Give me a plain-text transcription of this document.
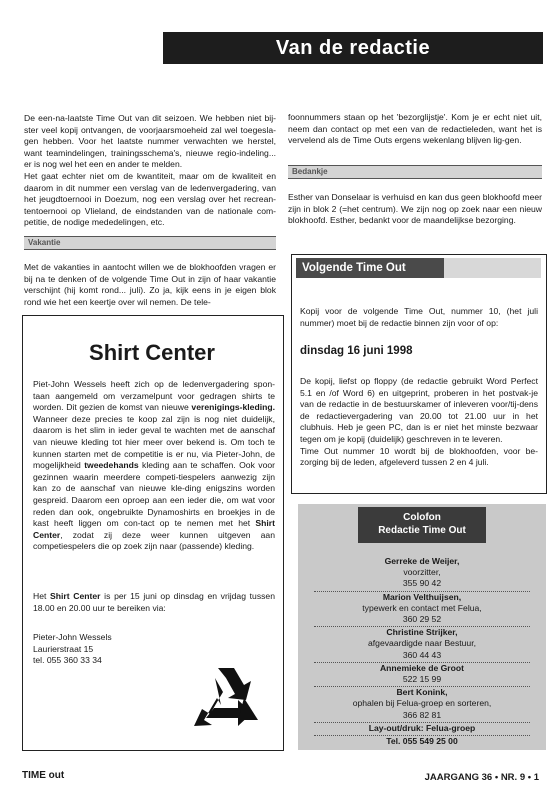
Van de redactie

De een-na-laatste Time Out van dit seizoen. We hebben niet bij-ster veel kopij ontvangen, de voorjaarsmoeheid zal wel toegesla-gen hebben. Voor het laatste nummer verwachten we herstel, want teamindelingen, trainingsschema's, nieuwe regio-indeling... er is nog wel het een en ander te melden.

Het gaat echter niet om de kwantiteit, maar om de kwaliteit en daarom in dit nummer een verslag van de ledenvergadering, van het jeugdtoernooi in Doezum, nog een verslag over het recrean-tentoernooi op Vlieland, de eindstanden van de nationale com-petitie, de nodige mededelingen, etc.

Vakantie
Met de vakanties in aantocht willen we de blokhoofden vragen er bij na te denken of de volgende Time Out in zijn of haar vakantie verschijnt (hij komt rond... juli). Zo ja, kijk eens in je eigen blok rond wie het een keertje over wil nemen. De tele-
foonnummers staan op het 'bezorglijstje'. Kom je er echt niet uit, neem dan contact op met een van de redactieleden, want het is vervelend als de Time Outs ergens wekenlang blijven lig-gen.
Bedankje
Esther van Donselaar is verhuisd en kan dus geen blokhoofd meer zijn in blok 2 (=het centrum). We zijn nog op zoek naar een nieuw blokhoofd. Esther, bedankt voor de maandelijkse bezorging.
Volgende Time Out
Kopij voor de volgende Time Out, nummer 10, (het juli nummer) moet bij de redactie binnen zijn voor of op:
dinsdag 16 juni 1998

De kopij, liefst op floppy (de redactie gebruikt Word Perfect 5.1 en /of Word 6) en uitgeprint, proberen in het postvak-je van de redactie in de bestuurskamer of inleveren voor/tij-dens de redactievergadering van 20.00 tot 21.00 uur in het clubhuis. Heb je geen PC, dan is er niet het minste bezwaar tegen om je kopij (duidelijk) geschreven in te leveren.

Time Out nummer 10 wordt bij de blokhoofden, voor be-zorging bij de leden, afgeleverd tussen 2 en 4 juli.

Shirt Center

Piet-John Wessels heeft zich op de ledenvergadering spon-taan aangemeld om verzamelpunt voor gedragen shirts te worden. Dit gezien de komst van nieuwe verenigings-kleding. Wanneer deze precies te koop zal zijn is nog niet duidelijk, daarom is het slim in ieder geval te wachten met de aanschaf van nieuwe kleding tot hier meer over bekend is. Om toch te kunnen starten met de competitie is er nu, via Pieter-John, de mogelijkheid tweedehands kleding aan te schaffen. Ook voor gezinnen waarin meerdere competi-tiespelers aanwezig zijn kan zo de aanschaf van nieuwe kle-ding enigszins worden gespreid. Daarom een oproep aan een ieder die, om wat voor reden dan ook, ongebruikte Dynamoshirts en broekjes in de kast heeft liggen om con-tact op te nemen met het Shirt Center, zodat zij deze weer kunnen uitgeven aan competiespelers die op zoek zijn naar (passende) kleding.

Het Shirt Center is per 15 juni op dinsdag en vrijdag tussen 18.00 en 20.00 uur te bereiken via:
Pieter-John Wessels
Laurierstraat 15
tel. 055 360 33 34
Colofon
Redactie Time Out
Gerreke de Weijer,
voorzitter,
355 90 42
Marion Velthuijsen,
typewerk en contact met Felua,
360 29 52
Christine Strijker,
afgevaardigde naar Bestuur,
360 44 43
Annemieke de Groot
522 15 99
Bert Konink,
ophalen bij Felua-groep en sorteren,
366 82 81
Lay-out/druk: Felua-groep
Tel. 055 549 25 00
TIME out	JAARGANG 36 • NR. 9 • 1
